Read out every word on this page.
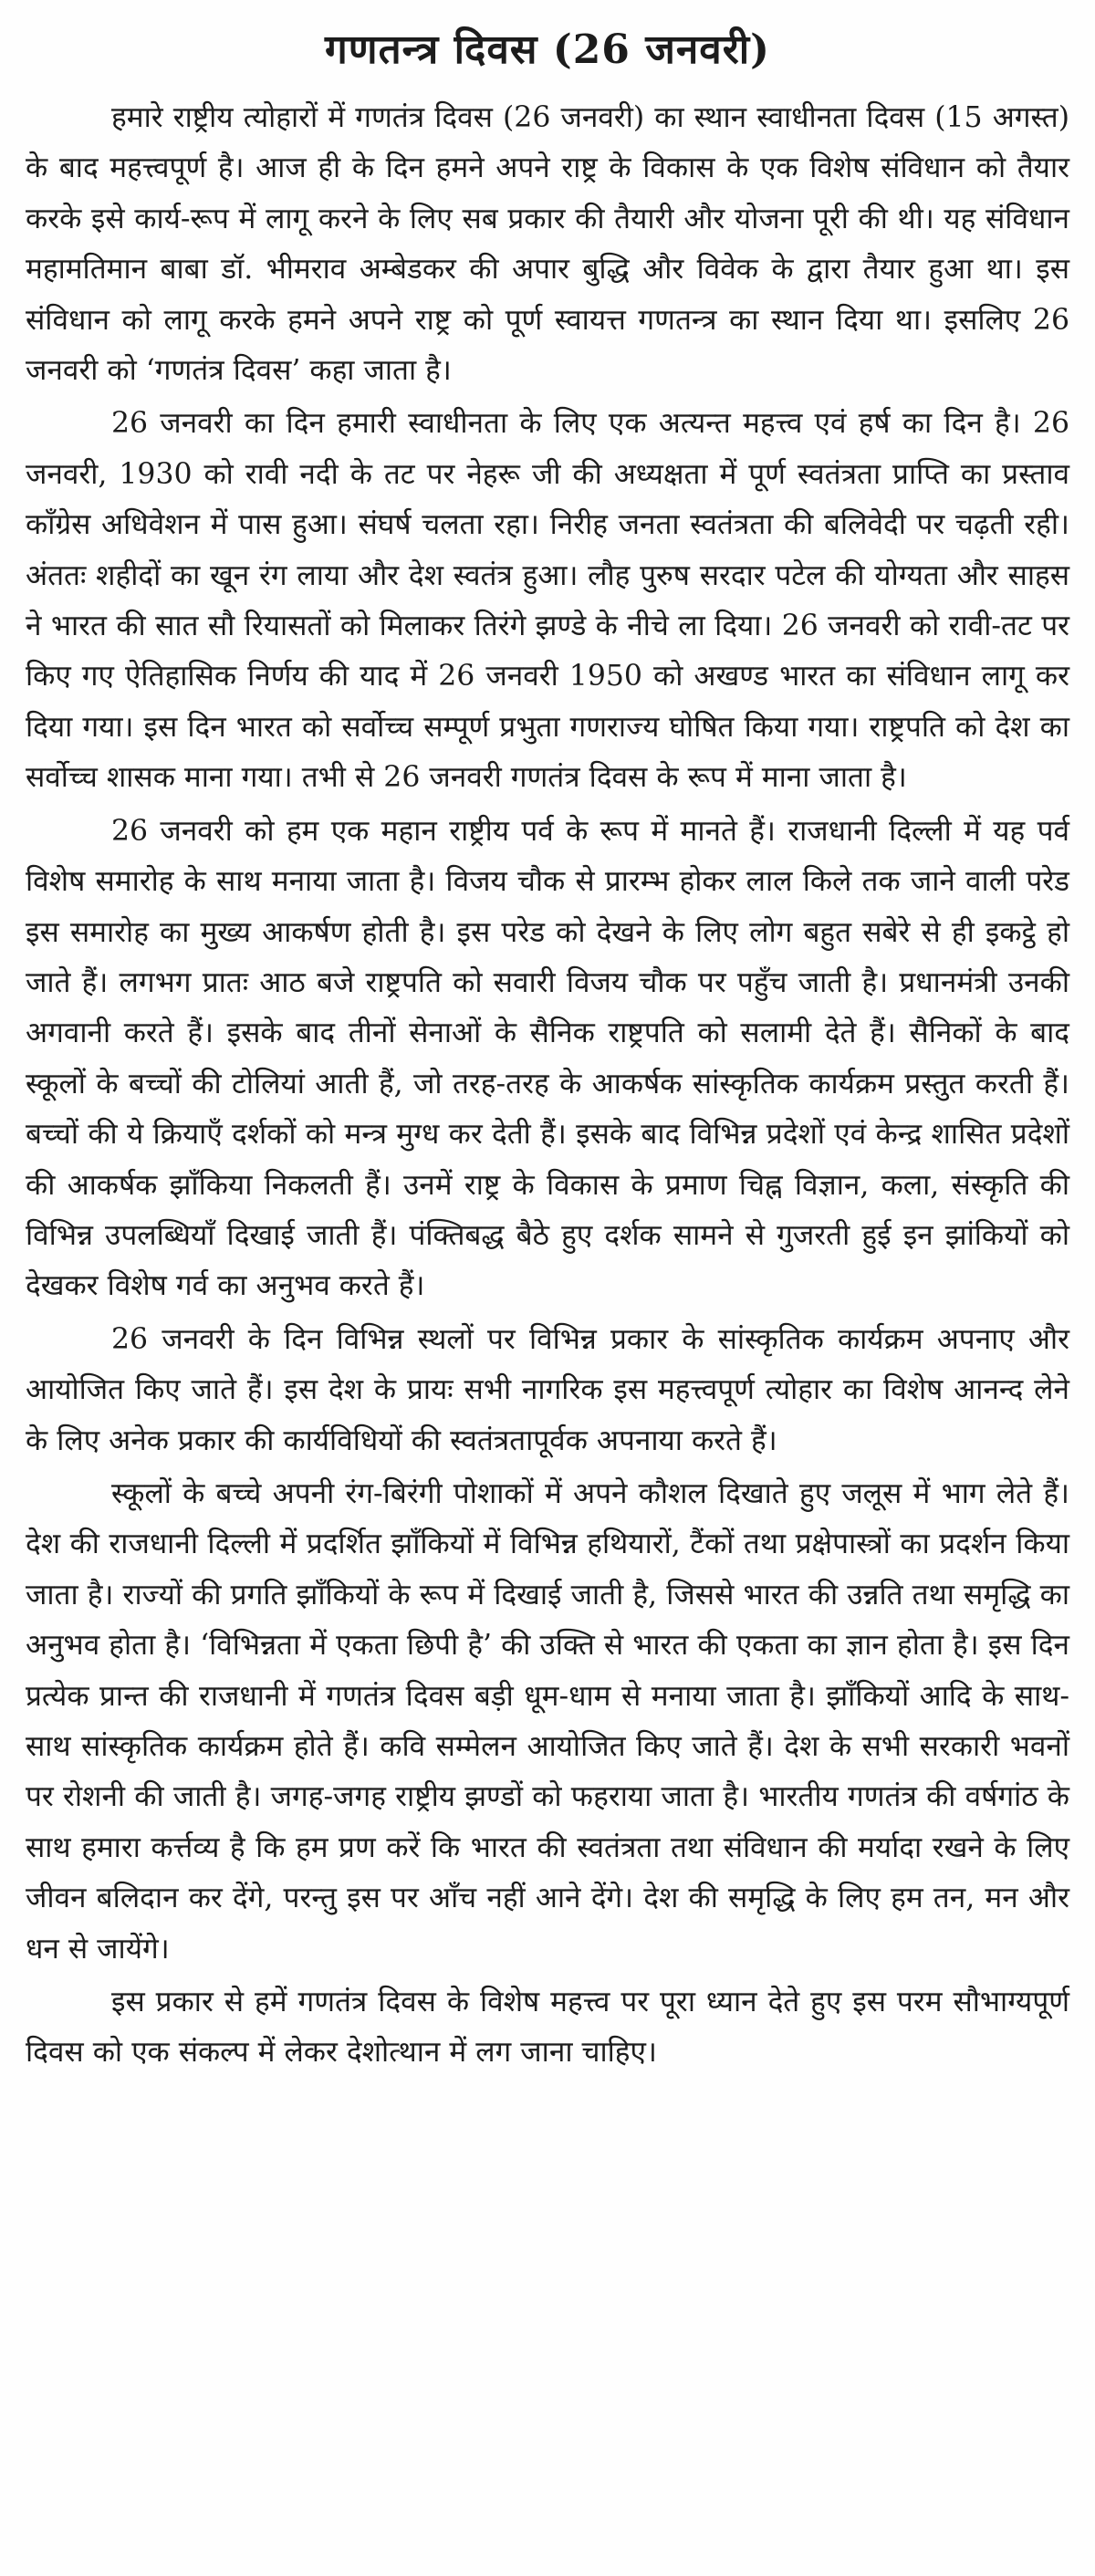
गणतन्त्र दिवस (26 जनवरी)

हमारे राष्ट्रीय त्योहारों में गणतंत्र दिवस (26 जनवरी) का स्थान स्वाधीनता दिवस (15 अगस्त) के बाद महत्त्वपूर्ण है। आज ही के दिन हमने अपने राष्ट्र के विकास के एक विशेष संविधान को तैयार करके इसे कार्य-रूप में लागू करने के लिए सब प्रकार की तैयारी और योजना पूरी की थी। यह संविधान महामतिमान बाबा डॉ. भीमराव अम्बेडकर की अपार बुद्धि और विवेक के द्वारा तैयार हुआ था। इस संविधान को लागू करके हमने अपने राष्ट्र को पूर्ण स्वायत्त गणतन्त्र का स्थान दिया था। इसलिए 26 जनवरी को ‘गणतंत्र दिवस’ कहा जाता है।

26 जनवरी का दिन हमारी स्वाधीनता के लिए एक अत्यन्त महत्त्व एवं हर्ष का दिन है। 26 जनवरी, 1930 को रावी नदी के तट पर नेहरू जी की अध्यक्षता में पूर्ण स्वतंत्रता प्राप्ति का प्रस्ताव काँग्रेस अधिवेशन में पास हुआ। संघर्ष चलता रहा। निरीह जनता स्वतंत्रता की बलिवेदी पर चढ़ती रही। अंततः शहीदों का खून रंग लाया और देश स्वतंत्र हुआ। लौह पुरुष सरदार पटेल की योग्यता और साहस ने भारत की सात सौ रियासतों को मिलाकर तिरंगे झण्डे के नीचे ला दिया। 26 जनवरी को रावी-तट पर किए गए ऐतिहासिक निर्णय की याद में 26 जनवरी 1950 को अखण्ड भारत का संविधान लागू कर दिया गया। इस दिन भारत को सर्वोच्च सम्पूर्ण प्रभुता गणराज्य घोषित किया गया। राष्ट्रपति को देश का सर्वोच्च शासक माना गया। तभी से 26 जनवरी गणतंत्र दिवस के रूप में माना जाता है।

26 जनवरी को हम एक महान राष्ट्रीय पर्व के रूप में मानते हैं। राजधानी दिल्ली में यह पर्व विशेष समारोह के साथ मनाया जाता है। विजय चौक से प्रारम्भ होकर लाल किले तक जाने वाली परेड इस समारोह का मुख्य आकर्षण होती है। इस परेड को देखने के लिए लोग बहुत सबेरे से ही इकट्ठे हो जाते हैं। लगभग प्रातः आठ बजे राष्ट्रपति को सवारी विजय चौक पर पहुँच जाती है। प्रधानमंत्री उनकी अगवानी करते हैं। इसके बाद तीनों सेनाओं के सैनिक राष्ट्रपति को सलामी देते हैं। सैनिकों के बाद स्कूलों के बच्चों की टोलियां आती हैं, जो तरह-तरह के आकर्षक सांस्कृतिक कार्यक्रम प्रस्तुत करती हैं। बच्चों की ये क्रियाएँ दर्शकों को मन्त्र मुग्ध कर देती हैं। इसके बाद विभिन्न प्रदेशों एवं केन्द्र शासित प्रदेशों की आकर्षक झाँकिया निकलती हैं। उनमें राष्ट्र के विकास के प्रमाण चिह्न विज्ञान, कला, संस्कृति की विभिन्न उपलब्धियाँ दिखाई जाती हैं। पंक्तिबद्ध बैठे हुए दर्शक सामने से गुजरती हुई इन झांकियों को देखकर विशेष गर्व का अनुभव करते हैं।

26 जनवरी के दिन विभिन्न स्थलों पर विभिन्न प्रकार के सांस्कृतिक कार्यक्रम अपनाए और आयोजित किए जाते हैं। इस देश के प्रायः सभी नागरिक इस महत्त्वपूर्ण त्योहार का विशेष आनन्द लेने के लिए अनेक प्रकार की कार्यविधियों की स्वतंत्रतापूर्वक अपनाया करते हैं।

स्कूलों के बच्चे अपनी रंग-बिरंगी पोशाकों में अपने कौशल दिखाते हुए जलूस में भाग लेते हैं। देश की राजधानी दिल्ली में प्रदर्शित झाँकियों में विभिन्न हथियारों, टैंकों तथा प्रक्षेपास्त्रों का प्रदर्शन किया जाता है। राज्यों की प्रगति झाँकियों के रूप में दिखाई जाती है, जिससे भारत की उन्नति तथा समृद्धि का अनुभव होता है। ‘विभिन्नता में एकता छिपी है’ की उक्ति से भारत की एकता का ज्ञान होता है। इस दिन प्रत्येक प्रान्त की राजधानी में गणतंत्र दिवस बड़ी धूम-धाम से मनाया जाता है। झाँकियों आदि के साथ-साथ सांस्कृतिक कार्यक्रम होते हैं। कवि सम्मेलन आयोजित किए जाते हैं। देश के सभी सरकारी भवनों पर रोशनी की जाती है। जगह-जगह राष्ट्रीय झण्डों को फहराया जाता है। भारतीय गणतंत्र की वर्षगांठ के साथ हमारा कर्त्तव्य है कि हम प्रण करें कि भारत की स्वतंत्रता तथा संविधान की मर्यादा रखने के लिए जीवन बलिदान कर देंगे, परन्तु इस पर आँच नहीं आने देंगे। देश की समृद्धि के लिए हम तन, मन और धन से जायेंगे।

इस प्रकार से हमें गणतंत्र दिवस के विशेष महत्त्व पर पूरा ध्यान देते हुए इस परम सौभाग्यपूर्ण दिवस को एक संकल्प में लेकर देशोत्थान में लग जाना चाहिए।
